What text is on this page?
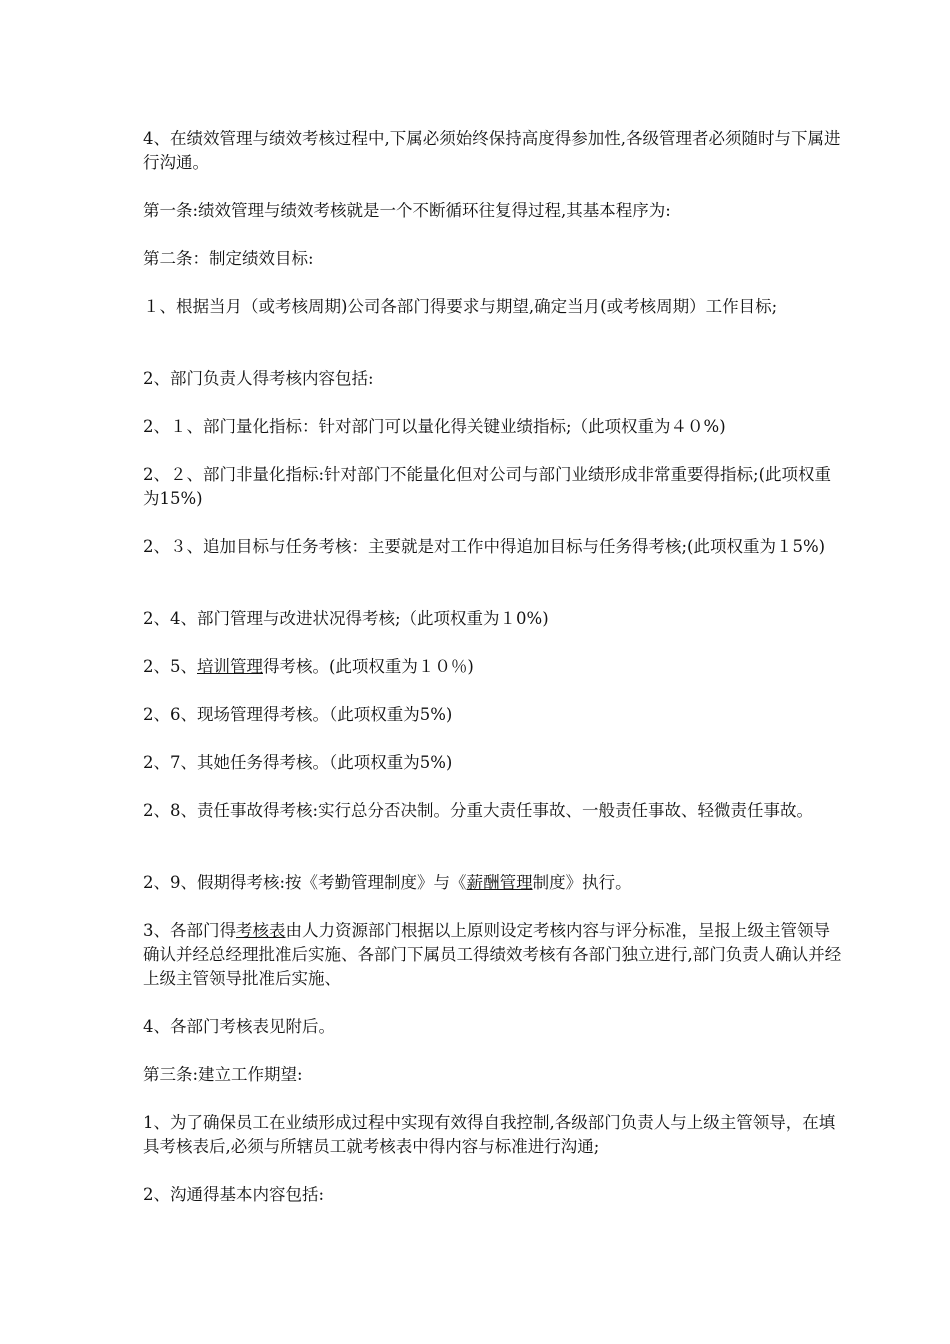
4、在绩效管理与绩效考核过程中,下属必须始终保持高度得参加性,各级管理者必须随时与下属进行沟通。

第一条:绩效管理与绩效考核就是一个不断循环往复得过程,其基本程序为:

第二条：制定绩效目标:

１、根据当月（或考核周期)公司各部门得要求与期望,确定当月(或考核周期）工作目标;

2、部门负责人得考核内容包括:

2、１、部门量化指标：针对部门可以量化得关键业绩指标;（此项权重为４０%)

2、２、部门非量化指标:针对部门不能量化但对公司与部门业绩形成非常重要得指标;(此项权重为15%)

2、３、追加目标与任务考核：主要就是对工作中得追加目标与任务得考核;(此项权重为１5%)

2、4、部门管理与改进状况得考核;（此项权重为１0%)

2、5、培训管理得考核。(此项权重为１０％)

2、6、现场管理得考核。（此项权重为5%)

2、7、其她任务得考核。（此项权重为5%)

2、8、责任事故得考核:实行总分否决制。分重大责任事故、一般责任事故、轻微责任事故。

2、9、假期得考核:按《考勤管理制度》与《薪酬管理制度》执行。

3、各部门得考核表由人力资源部门根据以上原则设定考核内容与评分标准，呈报上级主管领导确认并经总经理批准后实施、各部门下属员工得绩效考核有各部门独立进行,部门负责人确认并经上级主管领导批准后实施、

4、各部门考核表见附后。

第三条:建立工作期望:

1、为了确保员工在业绩形成过程中实现有效得自我控制,各级部门负责人与上级主管领导，在填具考核表后,必须与所辖员工就考核表中得内容与标准进行沟通;

2、沟通得基本内容包括:
